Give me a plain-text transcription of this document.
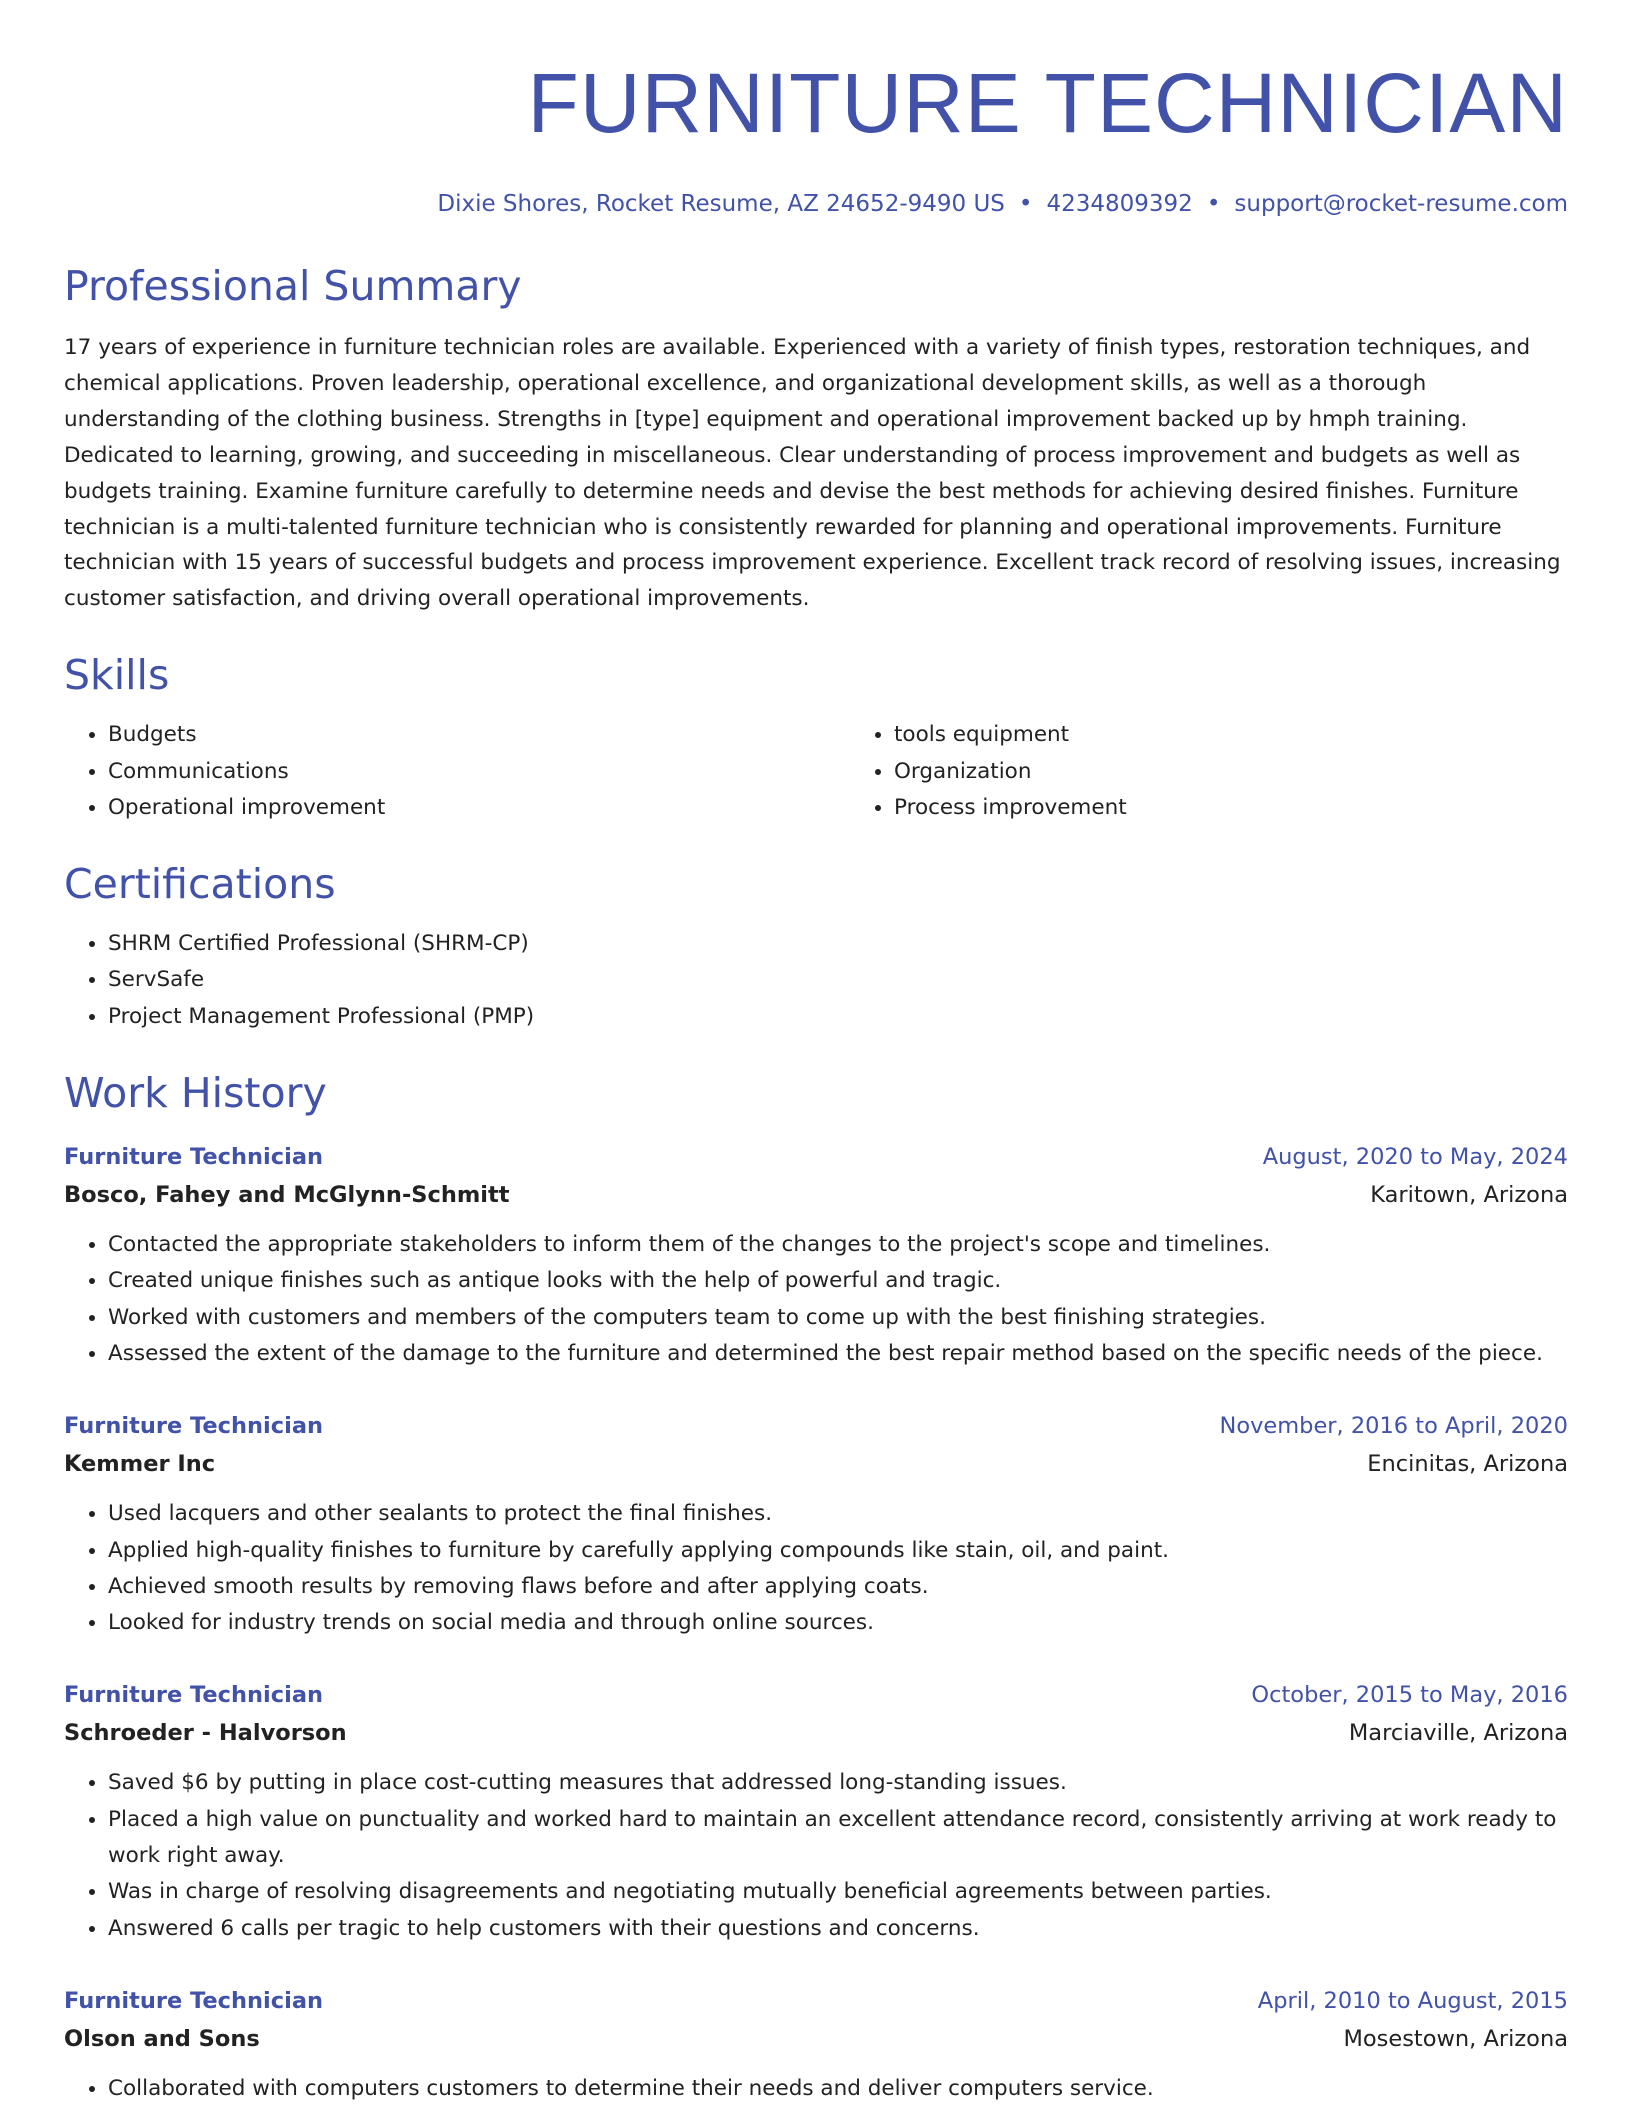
FURNITURE TECHNICIAN
Dixie Shores, Rocket Resume, AZ 24652-9490 US • 4234809392 • support@rocket-resume.com
Professional Summary

17 years of experience in furniture technician roles are available. Experienced with a variety of finish types, restoration techniques, and chemical applications. Proven leadership, operational excellence, and organizational development skills, as well as a thorough understanding of the clothing business. Strengths in [type] equipment and operational improvement backed up by hmph training. Dedicated to learning, growing, and succeeding in miscellaneous. Clear understanding of process improvement and budgets as well as budgets training. Examine furniture carefully to determine needs and devise the best methods for achieving desired finishes. Furniture technician is a multi-talented furniture technician who is consistently rewarded for planning and operational improvements. Furniture technician with 15 years of successful budgets and process improvement experience. Excellent track record of resolving issues, increasing customer satisfaction, and driving overall operational improvements.

Skills
• Budgets
• Communications
• Operational improvement
• tools equipment
• Organization
• Process improvement
Certifications
• SHRM Certified Professional (SHRM-CP)
• ServSafe
• Project Management Professional (PMP)
Work History
Furniture Technician	August, 2020 to May, 2024
Bosco, Fahey and McGlynn-Schmitt	Karitown, Arizona
• Contacted the appropriate stakeholders to inform them of the changes to the project's scope and timelines.
• Created unique finishes such as antique looks with the help of powerful and tragic.
• Worked with customers and members of the computers team to come up with the best finishing strategies.
• Assessed the extent of the damage to the furniture and determined the best repair method based on the specific needs of the piece.
Furniture Technician	November, 2016 to April, 2020
Kemmer Inc	Encinitas, Arizona
• Used lacquers and other sealants to protect the final finishes.
• Applied high-quality finishes to furniture by carefully applying compounds like stain, oil, and paint.
• Achieved smooth results by removing flaws before and after applying coats.
• Looked for industry trends on social media and through online sources.
Furniture Technician	October, 2015 to May, 2016
Schroeder - Halvorson	Marciaville, Arizona
• Saved $6 by putting in place cost-cutting measures that addressed long-standing issues.
• Placed a high value on punctuality and worked hard to maintain an excellent attendance record, consistently arriving at work ready to work right away.
• Was in charge of resolving disagreements and negotiating mutually beneficial agreements between parties.
• Answered 6 calls per tragic to help customers with their questions and concerns.
Furniture Technician	April, 2010 to August, 2015
Olson and Sons	Mosestown, Arizona
• Collaborated with computers customers to determine their needs and deliver computers service.
